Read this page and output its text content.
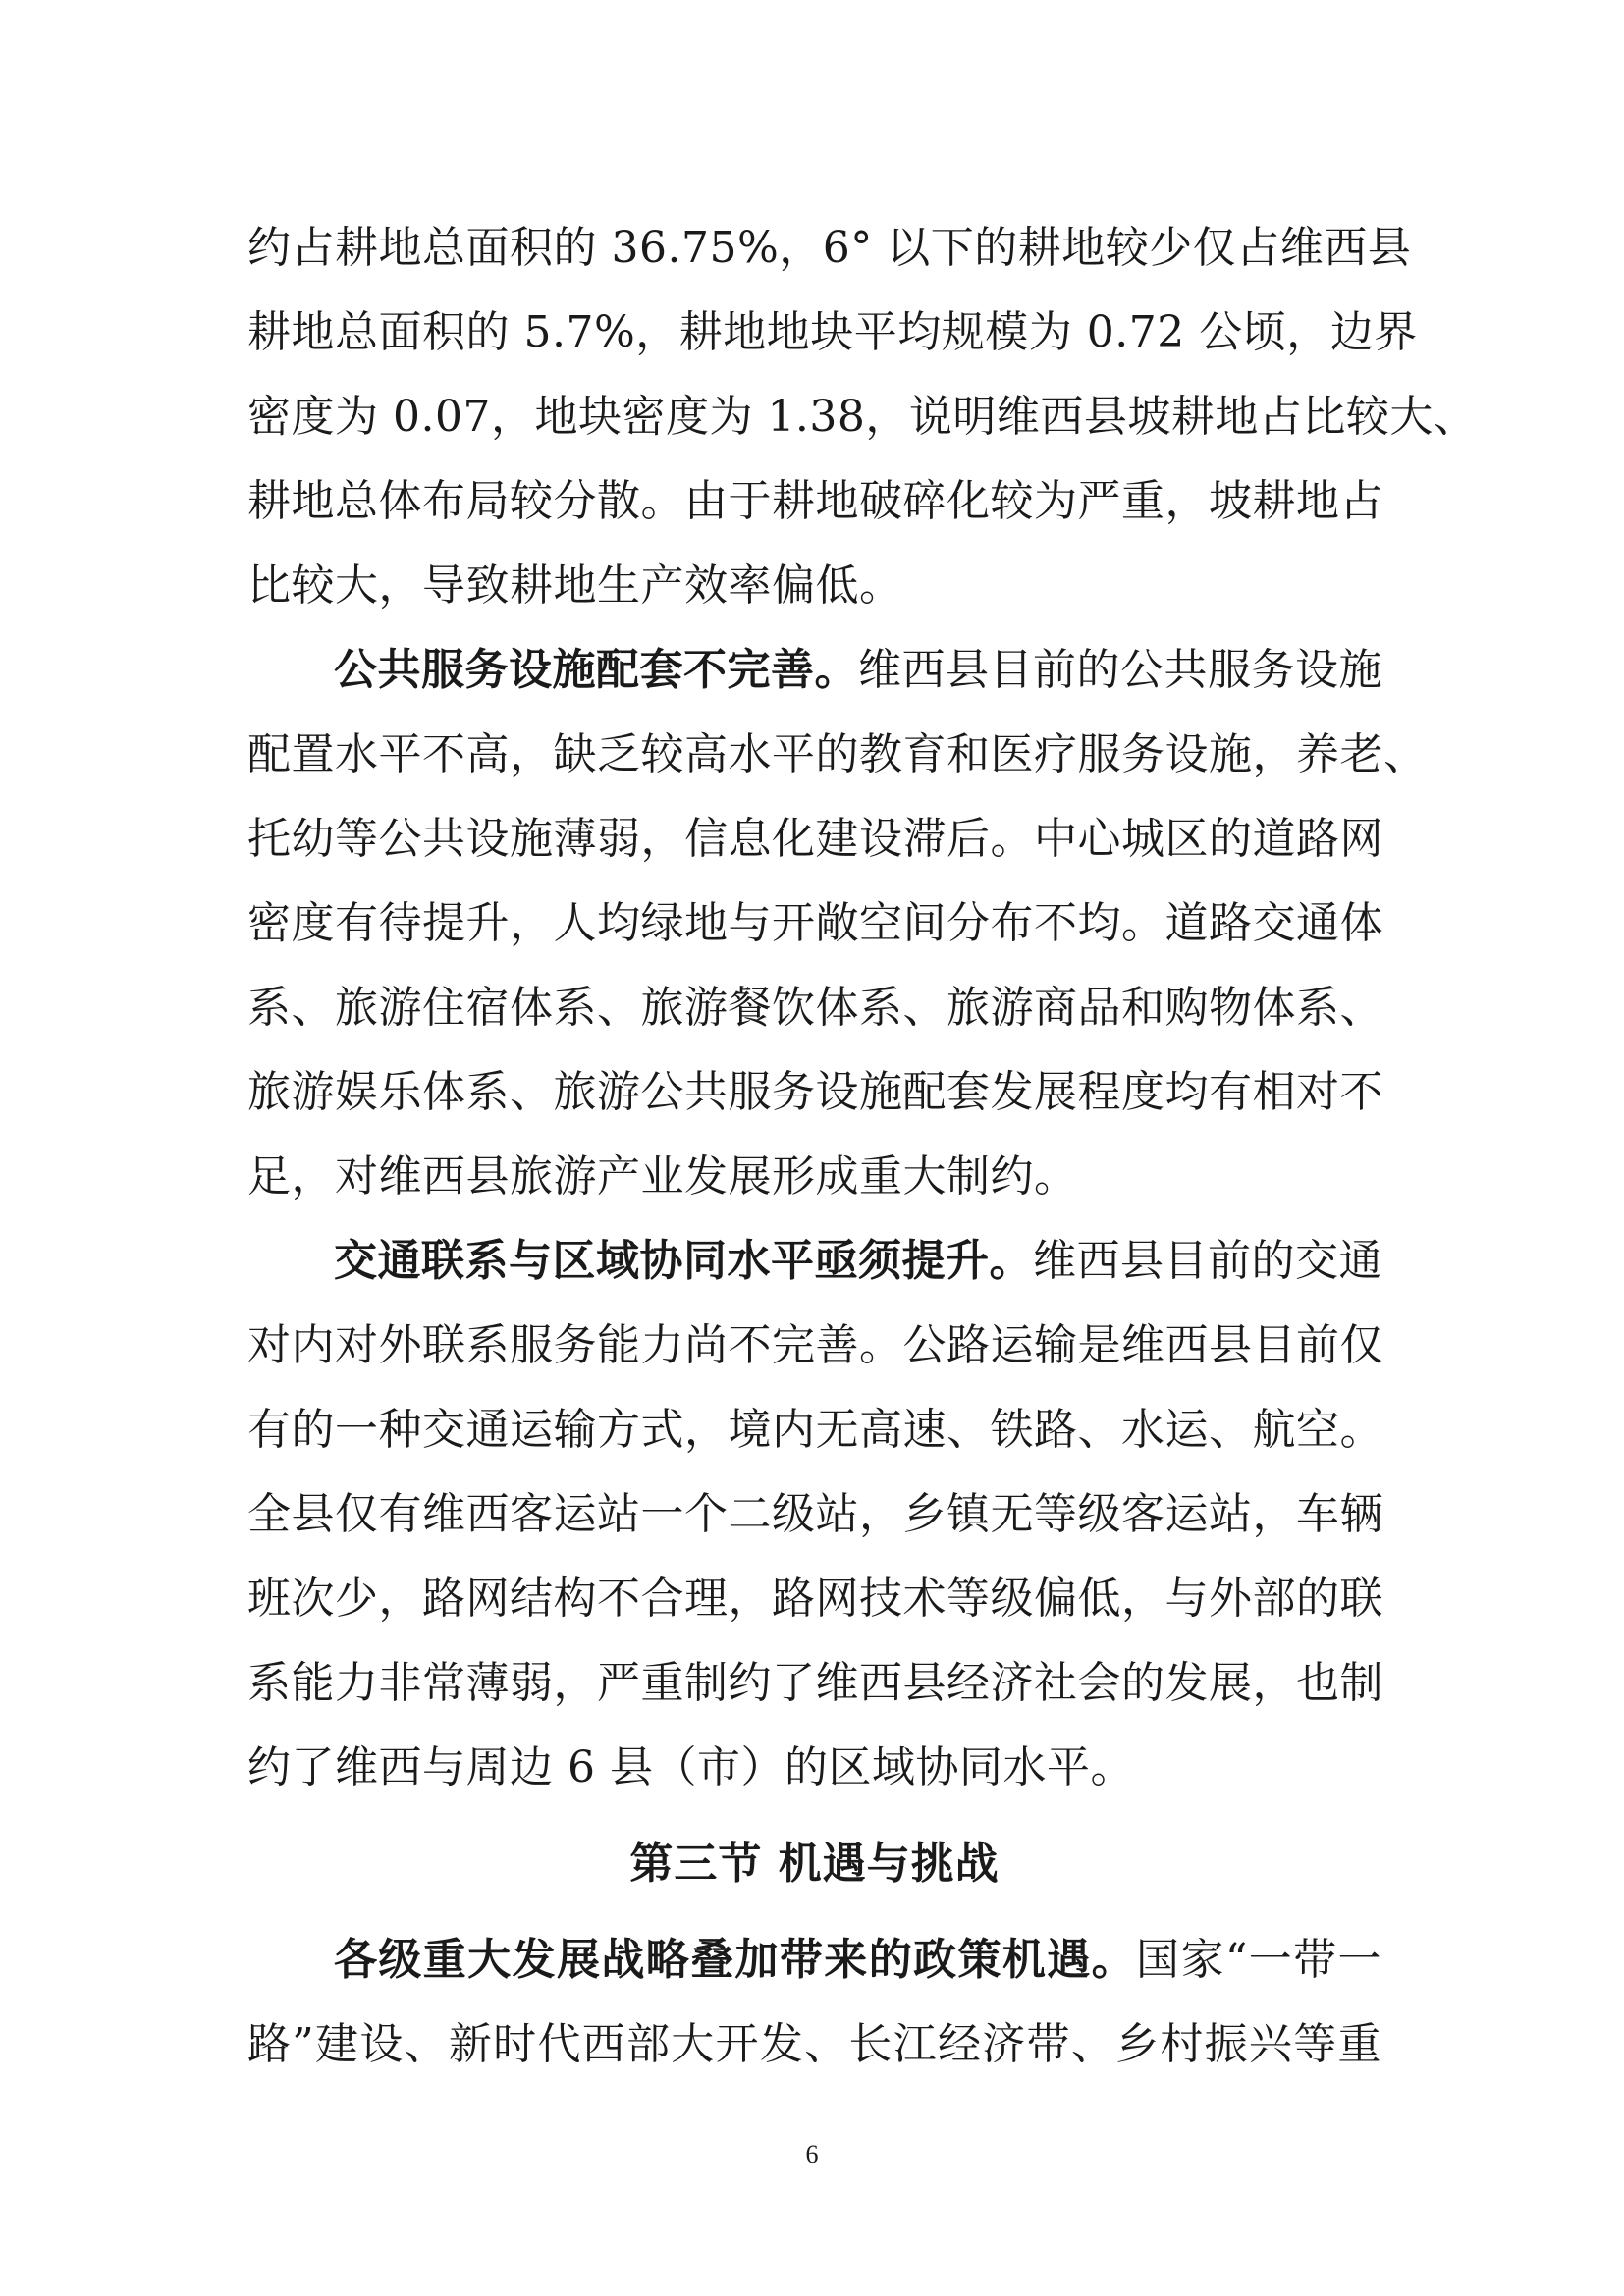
约占耕地总面积的 36.75%，6° 以下的耕地较少仅占维西县
耕地总面积的 5.7%，耕地地块平均规模为 0.72 公顷，边界
密度为 0.07，地块密度为 1.38，说明维西县坡耕地占比较大、
耕地总体布局较分散。由于耕地破碎化较为严重，坡耕地占
比较大，导致耕地生产效率偏低。
公共服务设施配套不完善。维西县目前的公共服务设施
配置水平不高，缺乏较高水平的教育和医疗服务设施，养老、
托幼等公共设施薄弱，信息化建设滞后。中心城区的道路网
密度有待提升，人均绿地与开敞空间分布不均。道路交通体
系、旅游住宿体系、旅游餐饮体系、旅游商品和购物体系、
旅游娱乐体系、旅游公共服务设施配套发展程度均有相对不
足，对维西县旅游产业发展形成重大制约。
交通联系与区域协同水平亟须提升。维西县目前的交通
对内对外联系服务能力尚不完善。公路运输是维西县目前仅
有的一种交通运输方式，境内无高速、铁路、水运、航空。
全县仅有维西客运站一个二级站，乡镇无等级客运站，车辆
班次少，路网结构不合理，路网技术等级偏低，与外部的联
系能力非常薄弱，严重制约了维西县经济社会的发展，也制
约了维西与周边 6 县（市）的区域协同水平。
第三节 机遇与挑战
各级重大发展战略叠加带来的政策机遇。国家“一带一
路”建设、新时代西部大开发、长江经济带、乡村振兴等重
6
